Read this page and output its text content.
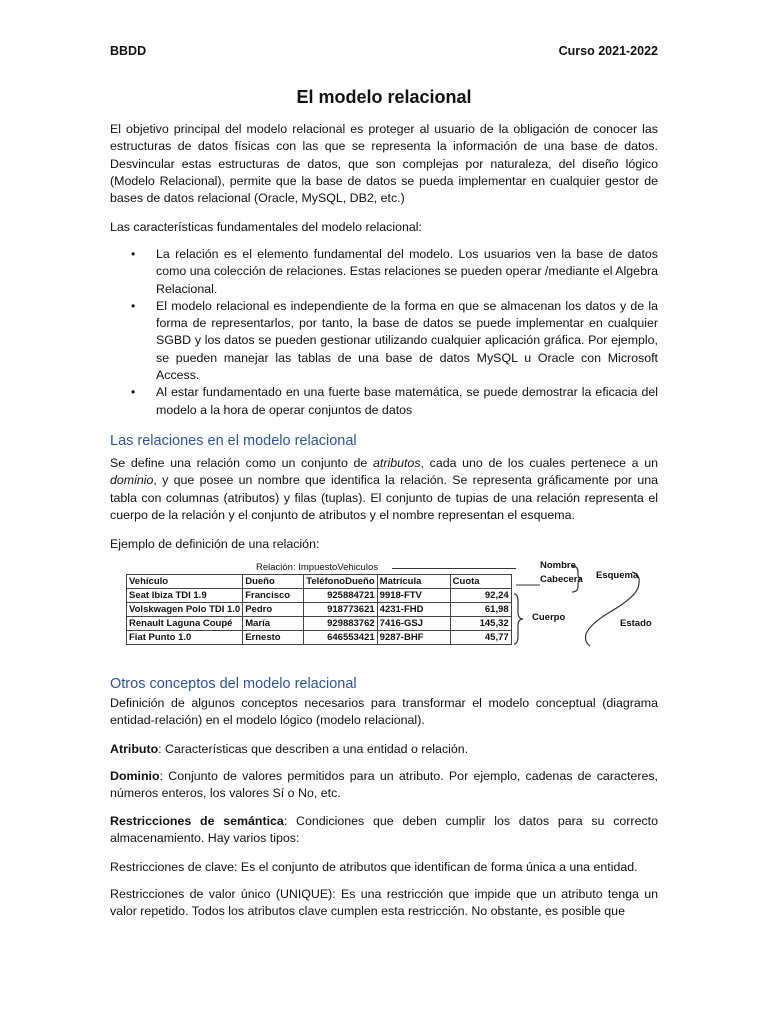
BBDD	Curso 2021-2022
El modelo relacional
El objetivo principal del modelo relacional es proteger al usuario de la obligación de conocer las estructuras de datos físicas con las que se representa la información de una base de datos. Desvincular estas estructuras de datos, que son complejas por naturaleza, del diseño lógico (Modelo Relacional), permite que la base de datos se pueda implementar en cualquier gestor de bases de datos relacional (Oracle, MySQL, DB2, etc.)
Las características fundamentales del modelo relacional:
• La relación es el elemento fundamental del modelo. Los usuarios ven la base de datos como una colección de relaciones. Estas relaciones se pueden operar /mediante el Algebra Relacional.
• El modelo relacional es independiente de la forma en que se almacenan los datos y de la forma de representarlos, por tanto, la base de datos se puede implementar en cualquier SGBD y los datos se pueden gestionar utilizando cualquier aplicación gráfica. Por ejemplo, se pueden manejar las tablas de una base de datos MySQL u Oracle con Microsoft Access.
• Al estar fundamentado en una fuerte base matemática, se puede demostrar la eficacia del modelo a la hora de operar conjuntos de datos
Las relaciones en el modelo relacional
Se define una relación como un conjunto de atributos, cada uno de los cuales pertenece a un dominio, y que posee un nombre que identifica la relación. Se representa gráficamente por una tabla con columnas (atributos) y filas (tuplas). El conjunto de tupias de una relación representa el cuerpo de la relación y el conjunto de atributos y el nombre representan el esquema.
Ejemplo de definición de una relación:
Relación: ImpuestoVehiculos
Vehículo	Dueño	TeléfonoDueño	Matrícula	Cuota
Seat Ibiza TDI 1.9	Francisco	925884721	9918-FTV	92,24
Volskwagen Polo TDI 1.0	Pedro	918773621	4231-FHD	61,98
Renault Laguna Coupé	María	929883762	7416-GSJ	145,32
Fiat Punto 1.0	Ernesto	646553421	9287-BHF	45,77
Nombre
Cabecera Esquema
Cuerpo
Estado
Otros conceptos del modelo relacional
Definición de algunos conceptos necesarios para transformar el modelo conceptual (diagrama entidad-relación) en el modelo lógico (modelo relacional).
Atributo: Características que describen a una entidad o relación.
Dominio: Conjunto de valores permitidos para un atributo. Por ejemplo, cadenas de caracteres, números enteros, los valores Sí o No, etc.
Restricciones de semántica: Condiciones que deben cumplir los datos para su correcto almacenamiento. Hay varios tipos:
Restricciones de clave: Es el conjunto de atributos que identifican de forma única a una entidad.
Restricciones de valor único (UNIQUE): Es una restricción que impide que un atributo tenga un valor repetido. Todos los atributos clave cumplen esta restricción. No obstante, es posible que
